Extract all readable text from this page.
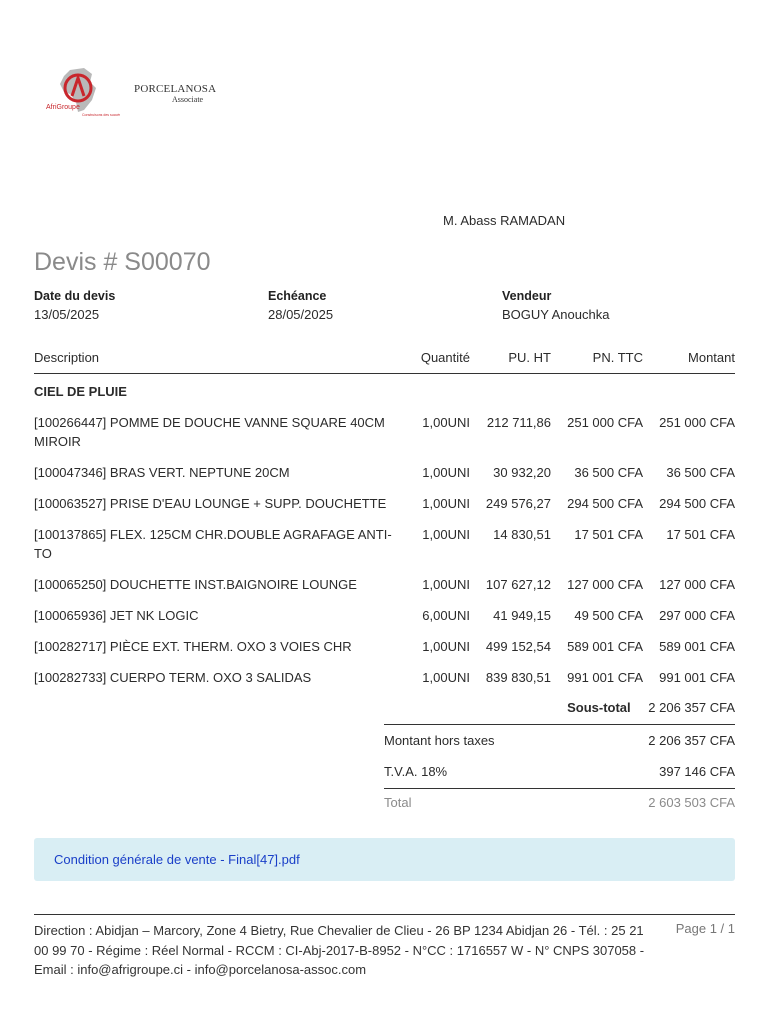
AfriGroupe
Construisons des succès
PORCELANOSA
Associate
M. Abass RAMADAN
Devis # S00070
Date du devis
13/05/2025
Echéance
28/05/2025
Vendeur
BOGUY Anouchka
Description	Quantité	PU. HT	PN. TTC	Montant
CIEL DE PLUIE				
[100266447] POMME DE DOUCHE VANNE SQUARE 40CM MIROIR	1,00UNI	212 711,86	251 000 CFA	251 000 CFA
[100047346] BRAS VERT. NEPTUNE 20CM	1,00UNI	30 932,20	36 500 CFA	36 500 CFA
[100063527] PRISE D'EAU LOUNGE + SUPP. DOUCHETTE	1,00UNI	249 576,27	294 500 CFA	294 500 CFA
[100137865] FLEX. 125CM CHR.DOUBLE AGRAFAGE ANTI-TO	1,00UNI	14 830,51	17 501 CFA	17 501 CFA
[100065250] DOUCHETTE INST.BAIGNOIRE LOUNGE	1,00UNI	107 627,12	127 000 CFA	127 000 CFA
[100065936] JET NK LOGIC	6,00UNI	41 949,15	49 500 CFA	297 000 CFA
[100282717] PIÈCE EXT. THERM. OXO 3 VOIES CHR	1,00UNI	499 152,54	589 001 CFA	589 001 CFA
[100282733] CUERPO TERM. OXO 3 SALIDAS	1,00UNI	839 830,51	991 001 CFA	991 001 CFA
Sous-total 2 206 357 CFA
Montant hors taxes	2 206 357 CFA
T.V.A. 18%	397 146 CFA
Total	2 603 503 CFA
Condition générale de vente - Final[47].pdf
Direction : Abidjan – Marcory, Zone 4 Bietry, Rue Chevalier de Clieu - 26 BP 1234 Abidjan 26 - Tél. : 25 21 00 99 70 - Régime : Réel Normal - RCCM : CI-Abj-2017-B-8952 - N°CC : 1716557 W - N° CNPS 307058 - Email : info@afrigroupe.ci - info@porcelanosa-assoc.com
Page 1 / 1
